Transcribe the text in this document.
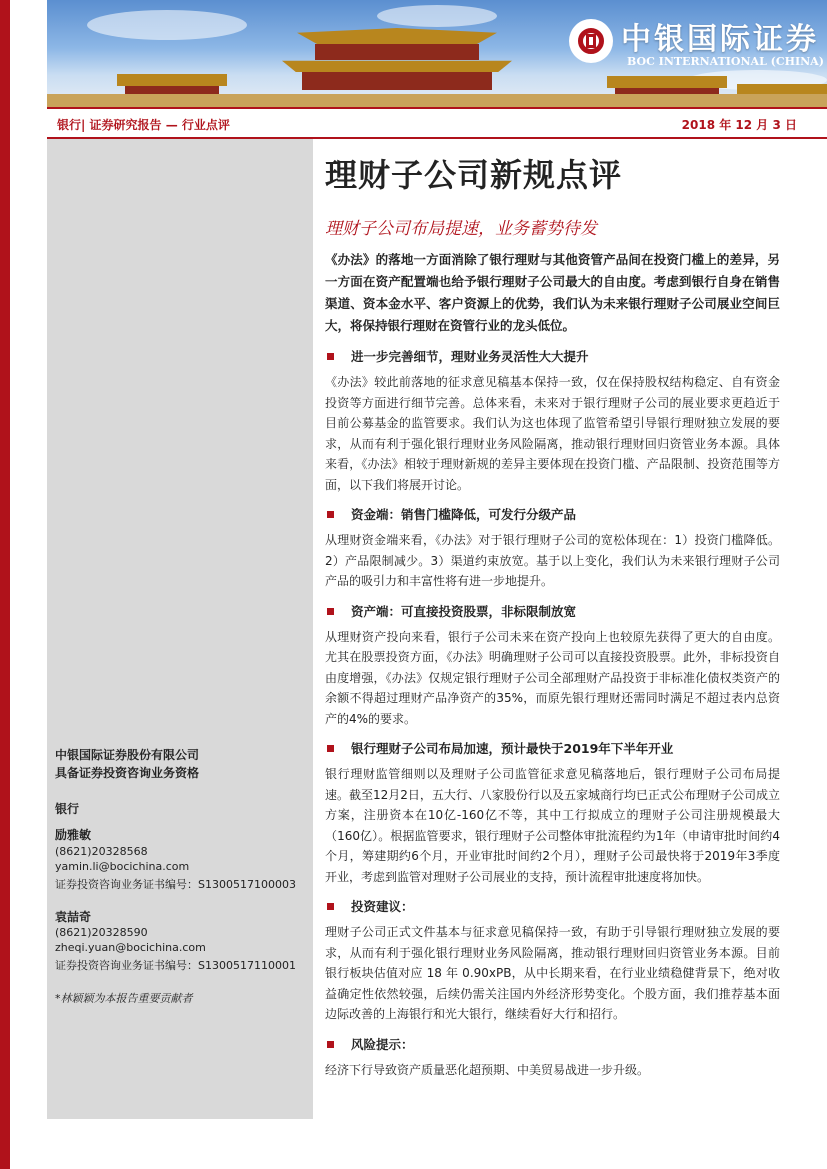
中银国际证券
BOC INTERNATIONAL (CHINA)
银行| 证券研究报告 — 行业点评	2018 年 12 月 3 日
中银国际证券股份有限公司
具备证券投资咨询业务资格
银行
励雅敏
(8621)20328568
yamin.li@bocichina.com
证券投资咨询业务证书编号：S1300517100003
袁喆奇
(8621)20328590
zheqi.yuan@bocichina.com
证券投资咨询业务证书编号：S1300517110001
*林颖颖为本报告重要贡献者
理财子公司新规点评
理财子公司布局提速，业务蓄势待发
《办法》的落地一方面消除了银行理财与其他资管产品间在投资门槛上的差异，另一方面在资产配置端也给予银行理财子公司最大的自由度。考虑到银行自身在销售渠道、资本金水平、客户资源上的优势，我们认为未来银行理财子公司展业空间巨大，将保持银行理财在资管行业的龙头低位。
进一步完善细节，理财业务灵活性大大提升
《办法》较此前落地的征求意见稿基本保持一致，仅在保持股权结构稳定、自有资金投资等方面进行细节完善。总体来看，未来对于银行理财子公司的展业要求更趋近于目前公募基金的监管要求。我们认为这也体现了监管希望引导银行理财独立发展的要求，从而有利于强化银行理财业务风险隔离，推动银行理财回归资管业务本源。具体来看，《办法》相较于理财新规的差异主要体现在投资门槛、产品限制、投资范围等方面，以下我们将展开讨论。
资金端：销售门槛降低，可发行分级产品
从理财资金端来看，《办法》对于银行理财子公司的宽松体现在：1）投资门槛降低。2）产品限制减少。3）渠道约束放宽。基于以上变化，我们认为未来银行理财子公司产品的吸引力和丰富性将有进一步地提升。
资产端：可直接投资股票，非标限制放宽
从理财资产投向来看，银行子公司未来在资产投向上也较原先获得了更大的自由度。尤其在股票投资方面，《办法》明确理财子公司可以直接投资股票。此外，非标投资自由度增强，《办法》仅规定银行理财子公司全部理财产品投资于非标准化债权类资产的余额不得超过理财产品净资产的35%，而原先银行理财还需同时满足不超过表内总资产的4%的要求。
银行理财子公司布局加速，预计最快于2019年下半年开业
银行理财监管细则以及理财子公司监管征求意见稿落地后，银行理财子公司布局提速。截至12月2日，五大行、八家股份行以及五家城商行均已正式公布理财子公司成立方案，注册资本在10亿-160亿不等，其中工行拟成立的理财子公司注册规模最大（160亿）。根据监管要求，银行理财子公司整体审批流程约为1年（申请审批时间约4个月，筹建期约6个月，开业审批时间约2个月），理财子公司最快将于2019年3季度开业，考虑到监管对理财子公司展业的支持，预计流程审批速度将加快。
投资建议：
理财子公司正式文件基本与征求意见稿保持一致，有助于引导银行理财独立发展的要求，从而有利于强化银行理财业务风险隔离，推动银行理财回归资管业务本源。目前银行板块估值对应 18 年 0.90xPB，从中长期来看，在行业业绩稳健背景下，绝对收益确定性依然较强，后续仍需关注国内外经济形势变化。个股方面，我们推荐基本面边际改善的上海银行和光大银行，继续看好大行和招行。
风险提示：
经济下行导致资产质量恶化超预期、中美贸易战进一步升级。
